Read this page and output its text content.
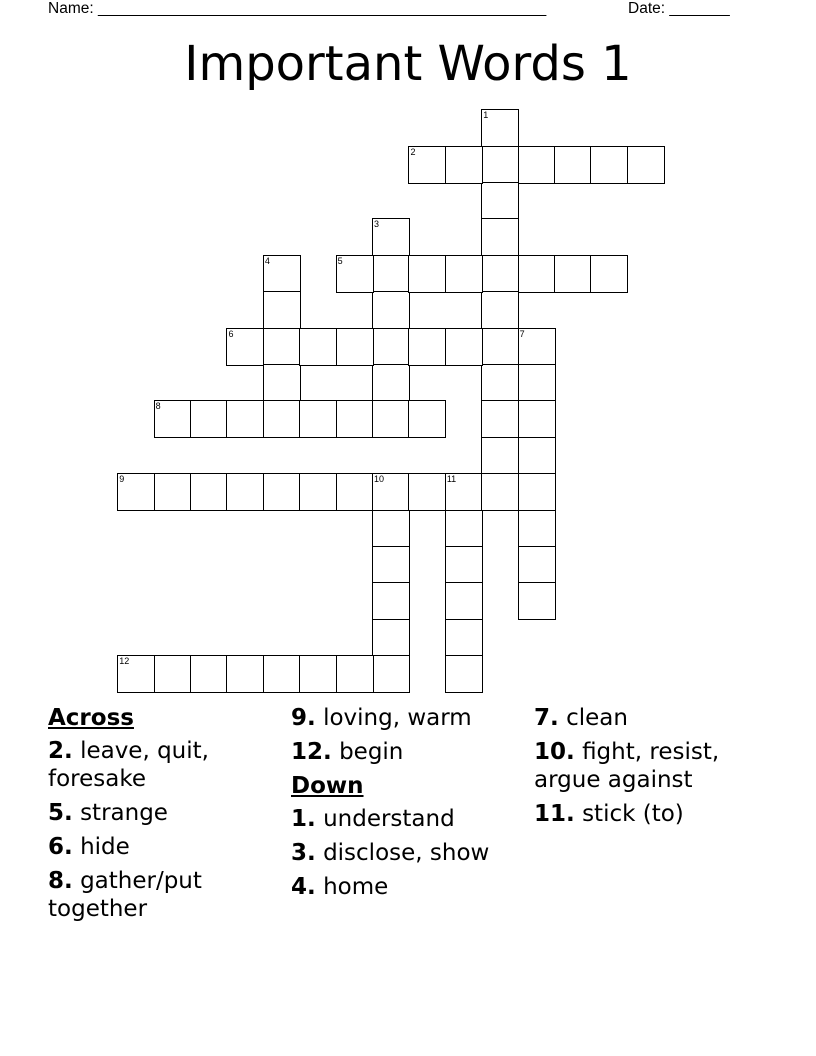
Name: ____________________________________________________	Date: _______
Important Words 1
1
2
3
4	5
6	7
8
9	10	11
12
Across
2. leave, quit, foresake
5. strange
6. hide
8. gather/put together
9. loving, warm
12. begin
Down
1. understand
3. disclose, show
4. home
7. clean
10. fight, resist, argue against
11. stick (to)
